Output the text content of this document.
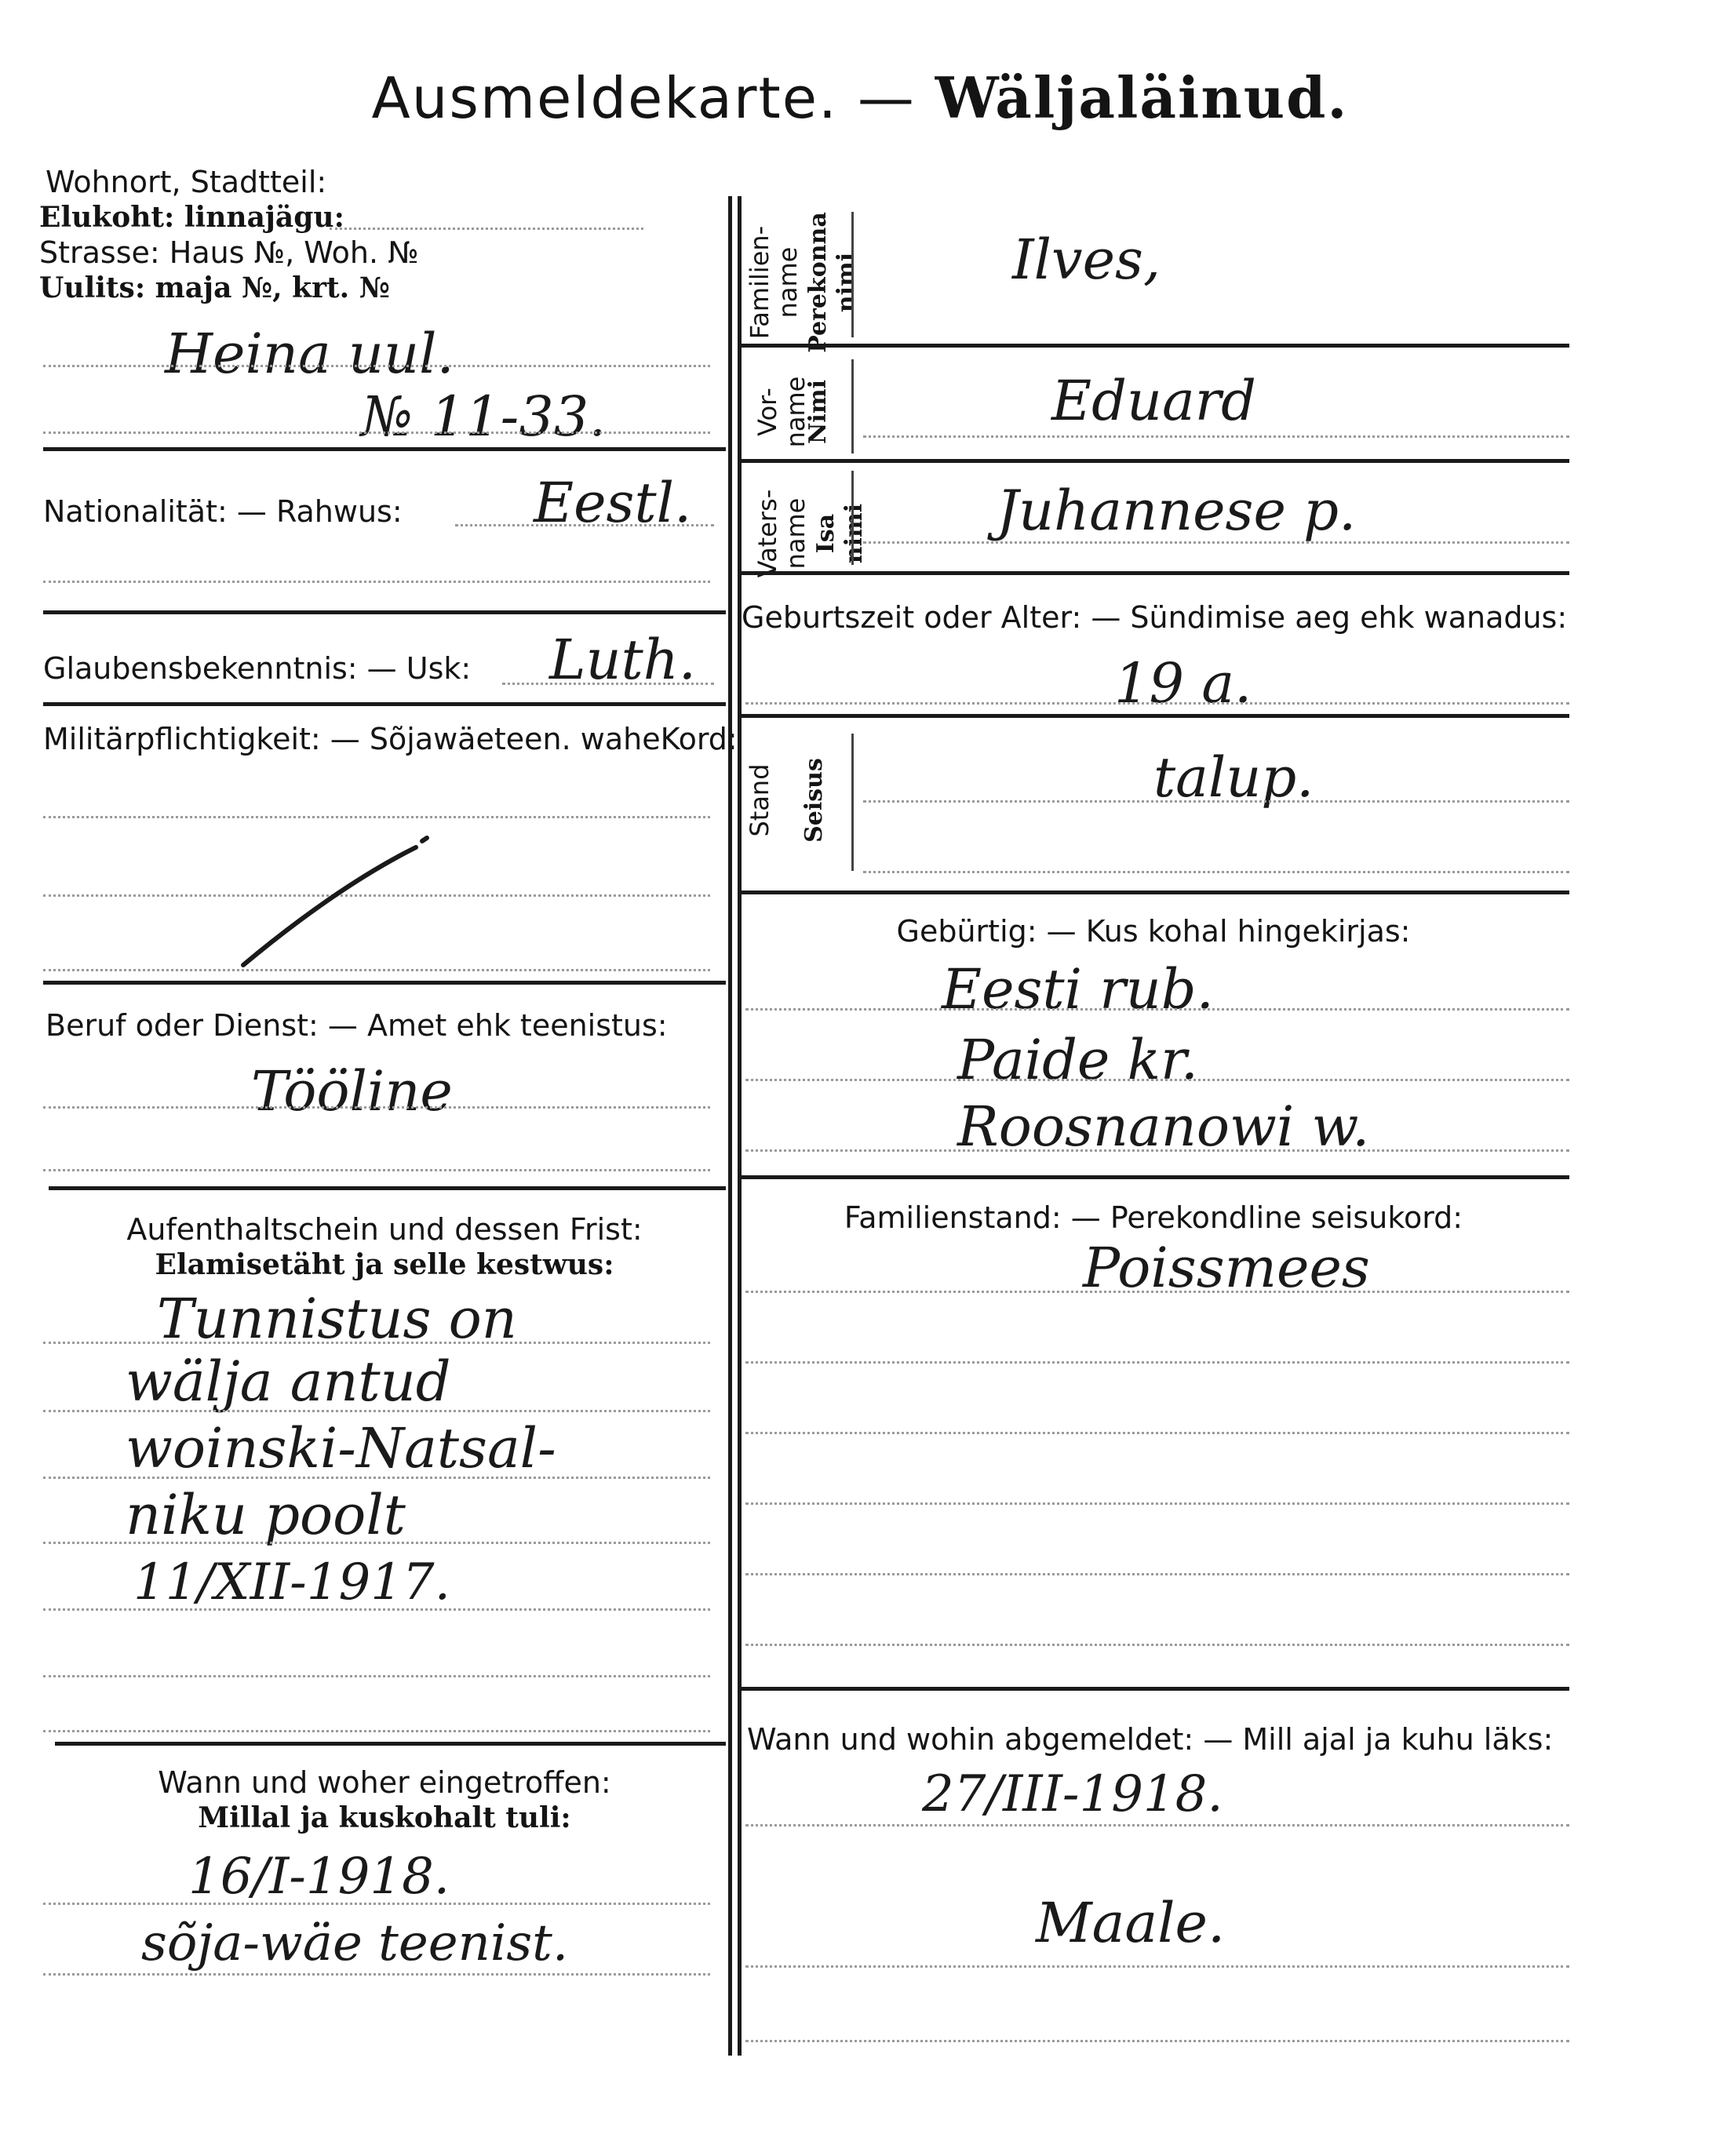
Ausmeldekarte. — Wäljaläinud.
Wohnort, Stadtteil:
Elukoht: linnajägu:
Strasse: Haus №, Woh. №
Uulits: maja №, krt. №
Heina uul.
№ 11-33.
Nationalität: — Rahwus: Eestl.
Glaubensbekenntnis: — Usk: Luth.
Militärpflichtigkeit: — Sõjawäeteen. waheKord:
Beruf oder Dienst: — Amet ehk teenistus:
Tööline
Aufenthaltschein und dessen Frist:
Elamisetäht ja selle kestwus:
Tunnistus on
wälja antud
woinski-Natsal-
niku poolt
11/XII-1917.
Wann und woher eingetroffen:
Millal ja kuskohalt tuli:
16/I-1918.
sõja-wäe teenist.
Familien-
name Perekonna
nimi	Ilves,
Vor-
name
Nimi	Eduard
Vaters-
name Isa
nimi Juhannese p.
Geburtszeit oder Alter: — Sündimise aeg ehk wanadus:
19 a.
Stand	Seisus	talup.
Gebürtig: — Kus kohal hingekirjas:
Eesti rub.
Paide kr.
Roosnanowi w.
Familienstand: — Perekondline seisukord:
Poissmees
Wann und wohin abgemeldet: — Mill ajal ja kuhu läks:
27/III-1918.
Maale.
